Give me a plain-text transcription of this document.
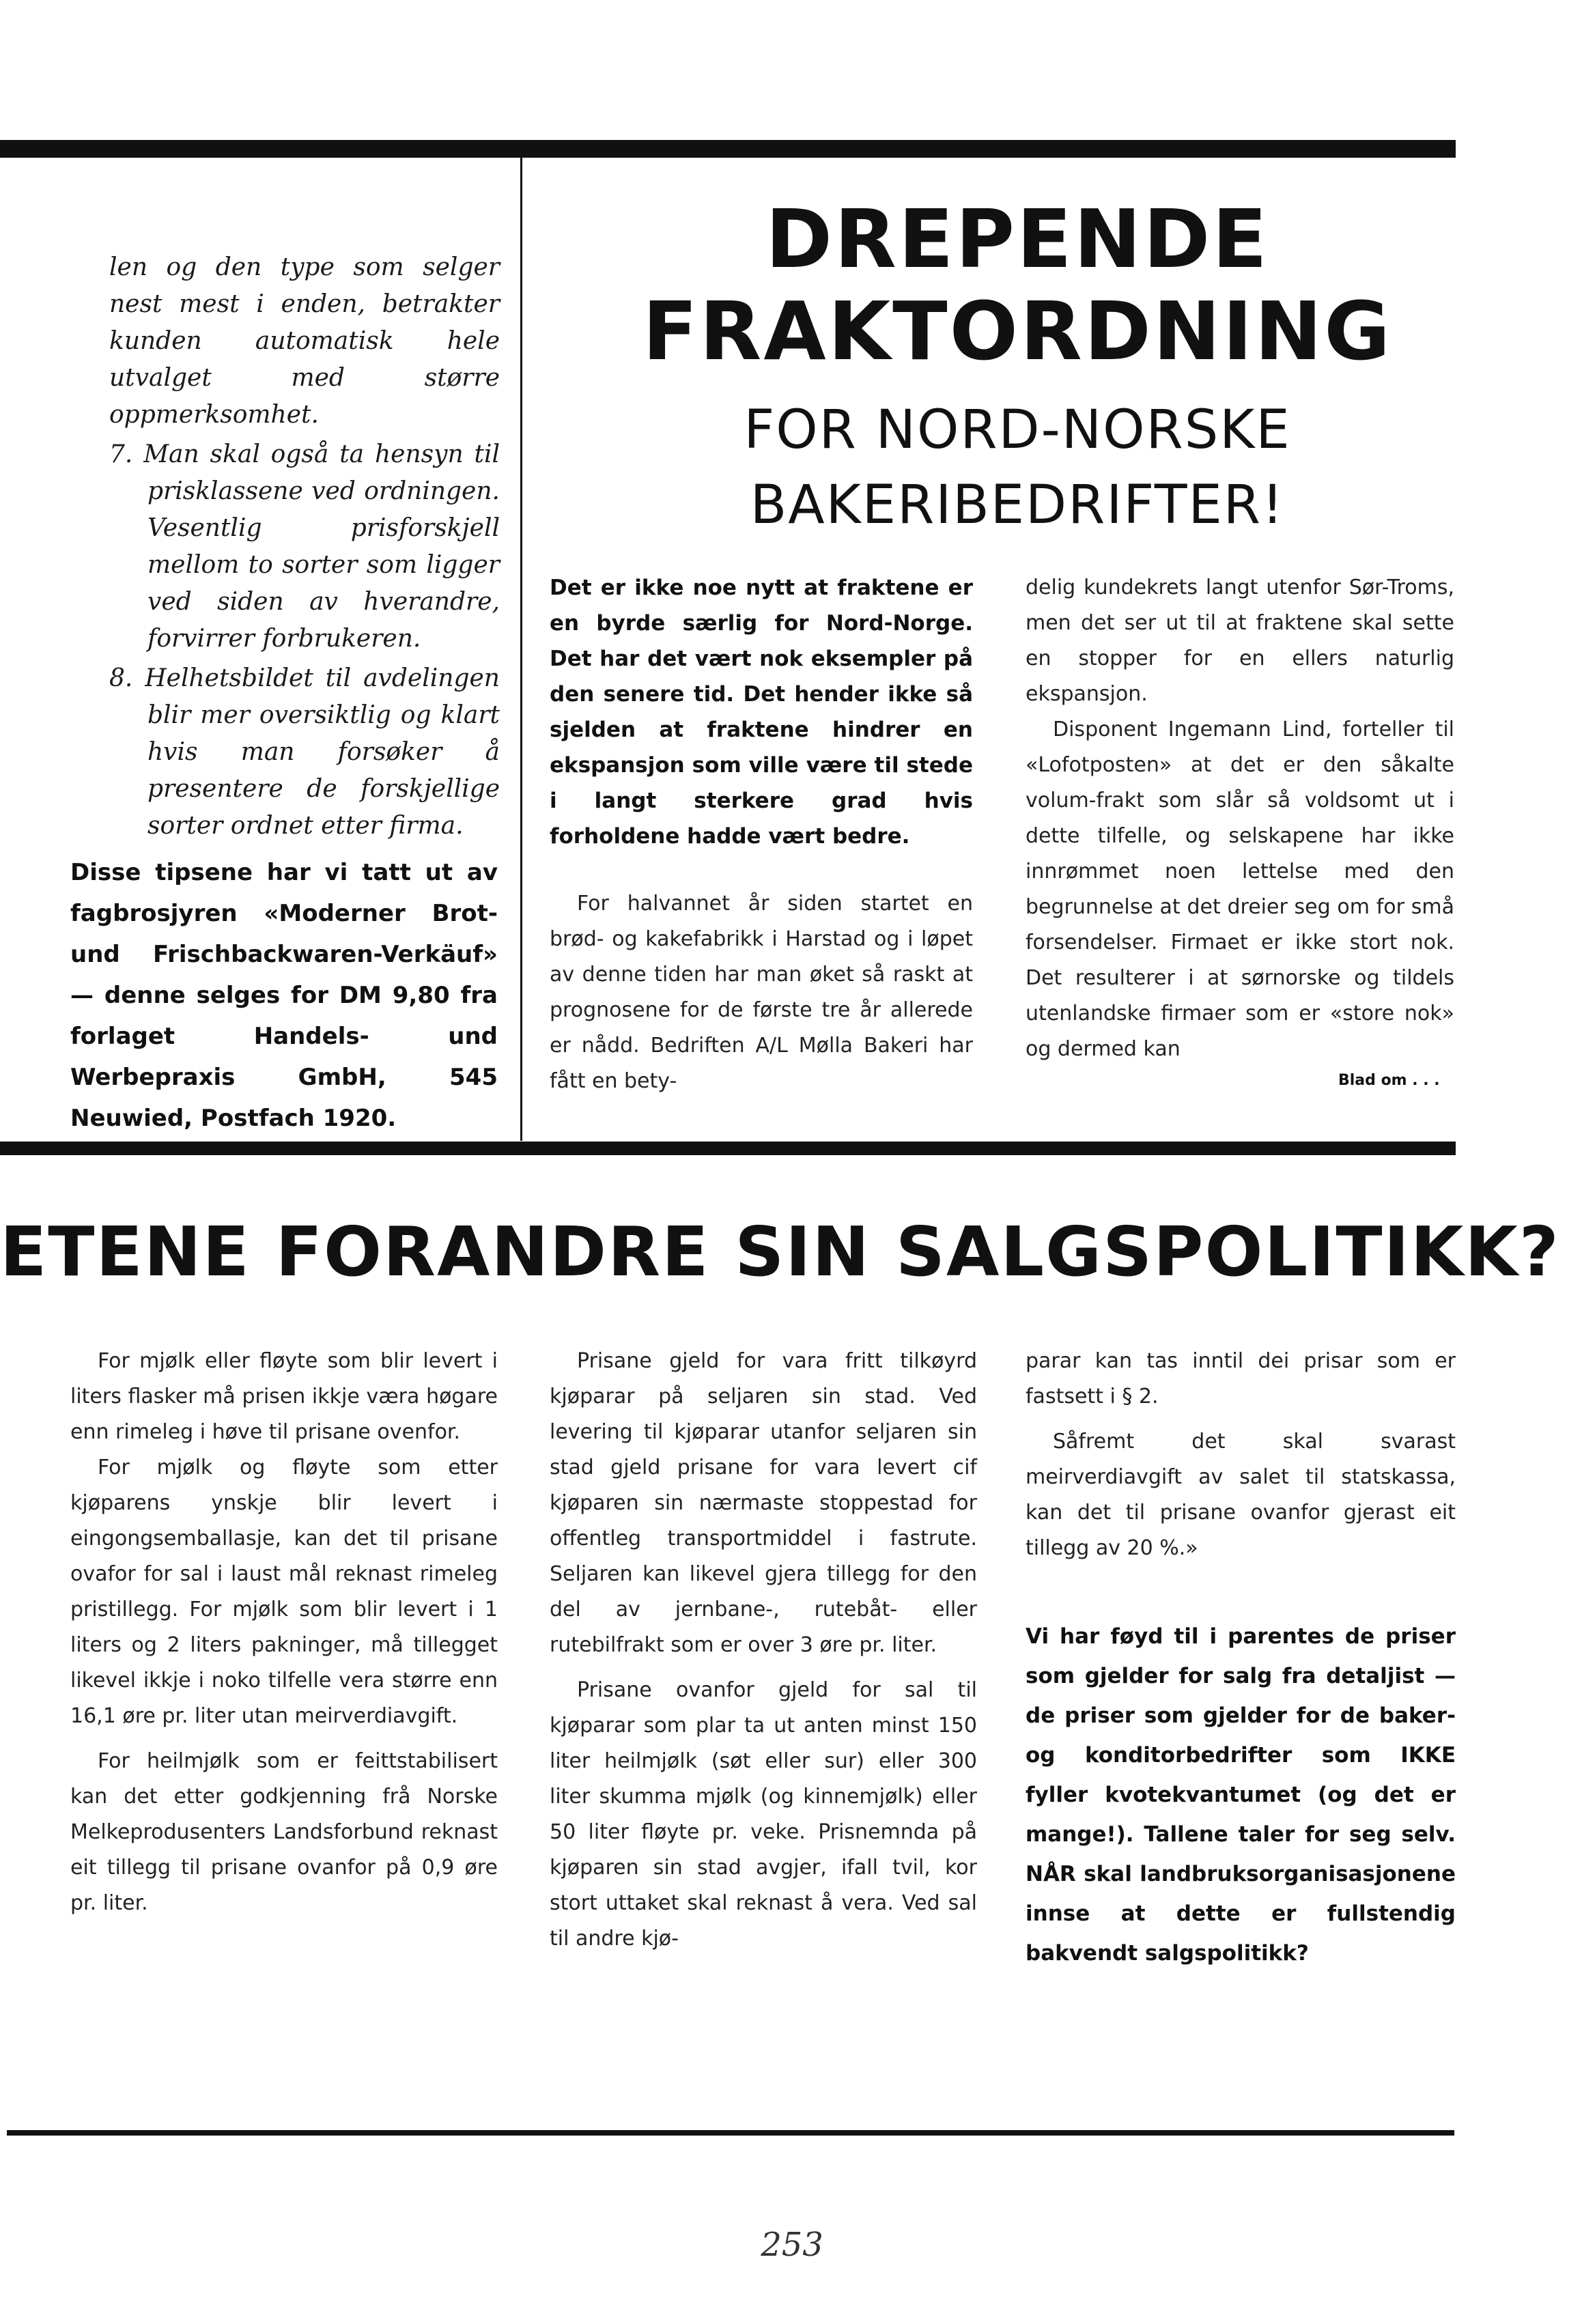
len og den type som selger nest mest i enden, betrakter kunden automatisk hele utvalget med større oppmerksomhet.

7. Man skal også ta hensyn til prisklassene ved ordningen. Vesentlig prisforskjell mellom to sorter som ligger ved siden av hverandre, forvirrer forbrukeren.

8. Helhetsbildet til avdelingen blir mer oversiktlig og klart hvis man forsøker å presentere de forskjellige sorter ordnet etter firma.

Disse tipsene har vi tatt ut av fagbrosjyren «Moderner Brot- und Frischbackwaren-Verkäuf» — denne selges for DM 9,80 fra forlaget Handels- und Werbepraxis GmbH, 545 Neuwied, Postfach 1920.
DREPENDE
FRAKTORDNING
FOR NORD-NORSKE
BAKERIBEDRIFTER!
Det er ikke noe nytt at fraktene er en byrde særlig for Nord-Norge. Det har det vært nok eksempler på den senere tid. Det hender ikke så sjelden at fraktene hindrer en ekspansjon som ville være til stede i langt sterkere grad hvis forholdene hadde vært bedre.

For halvannet år siden startet en brød- og kakefabrikk i Harstad og i løpet av denne tiden har man øket så raskt at prognosene for de første tre år allerede er nådd. Bedriften A/L Mølla Bakeri har fått en bety-

delig kundekrets langt utenfor Sør-Troms, men det ser ut til at fraktene skal sette en stopper for en ellers naturlig ekspansjon.

Disponent Ingemann Lind, forteller til «Lofotposten» at det er den såkalte volum-frakt som slår så voldsomt ut i dette tilfelle, og selskapene har ikke innrømmet noen lettelse med den begrunnelse at det dreier seg om for små forsendelser. Firmaet er ikke stort nok. Det resulterer i at sørnorske og tildels utenlandske firmaer som er «store nok» og dermed kan

Blad om . . .
ETENE FORANDRE SIN SALGSPOLITIKK?

For mjølk eller fløyte som blir levert i liters flasker må prisen ikkje væra høgare enn rimeleg i høve til prisane ovenfor.

For mjølk og fløyte som etter kjøparens ynskje blir levert i eingongsemballasje, kan det til prisane ovafor for sal i laust mål reknast rimeleg pristillegg. For mjølk som blir levert i 1 liters og 2 liters pakninger, må tillegget likevel ikkje i noko tilfelle vera større enn 16,1 øre pr. liter utan meirverdiavgift.

For heilmjølk som er feittstabilisert kan det etter godkjenning frå Norske Melkeprodusenters Landsforbund reknast eit tillegg til prisane ovanfor på 0,9 øre pr. liter.

Prisane gjeld for vara fritt tilkøyrd kjøparar på seljaren sin stad. Ved levering til kjøparar utanfor seljaren sin stad gjeld prisane for vara levert cif kjøparen sin nærmaste stoppestad for offentleg transportmiddel i fastrute. Seljaren kan likevel gjera tillegg for den del av jernbane-, rutebåt- eller rutebilfrakt som er over 3 øre pr. liter.

Prisane ovanfor gjeld for sal til kjøparar som plar ta ut anten minst 150 liter heilmjølk (søt eller sur) eller 300 liter skumma mjølk (og kinnemjølk) eller 50 liter fløyte pr. veke. Prisnemnda på kjøparen sin stad avgjer, ifall tvil, kor stort uttaket skal reknast å vera. Ved sal til andre kjø-

parar kan tas inntil dei prisar som er fastsett i § 2.

Såfremt det skal svarast meirverdiavgift av salet til statskassa, kan det til prisane ovanfor gjerast eit tillegg av 20 %.»

Vi har føyd til i parentes de priser som gjelder for salg fra detaljist — de priser som gjelder for de baker- og konditorbedrifter som IKKE fyller kvotekvantumet (og det er mange!). Tallene taler for seg selv. NÅR skal landbruksorganisasjonene innse at dette er fullstendig bakvendt salgspolitikk?
253
